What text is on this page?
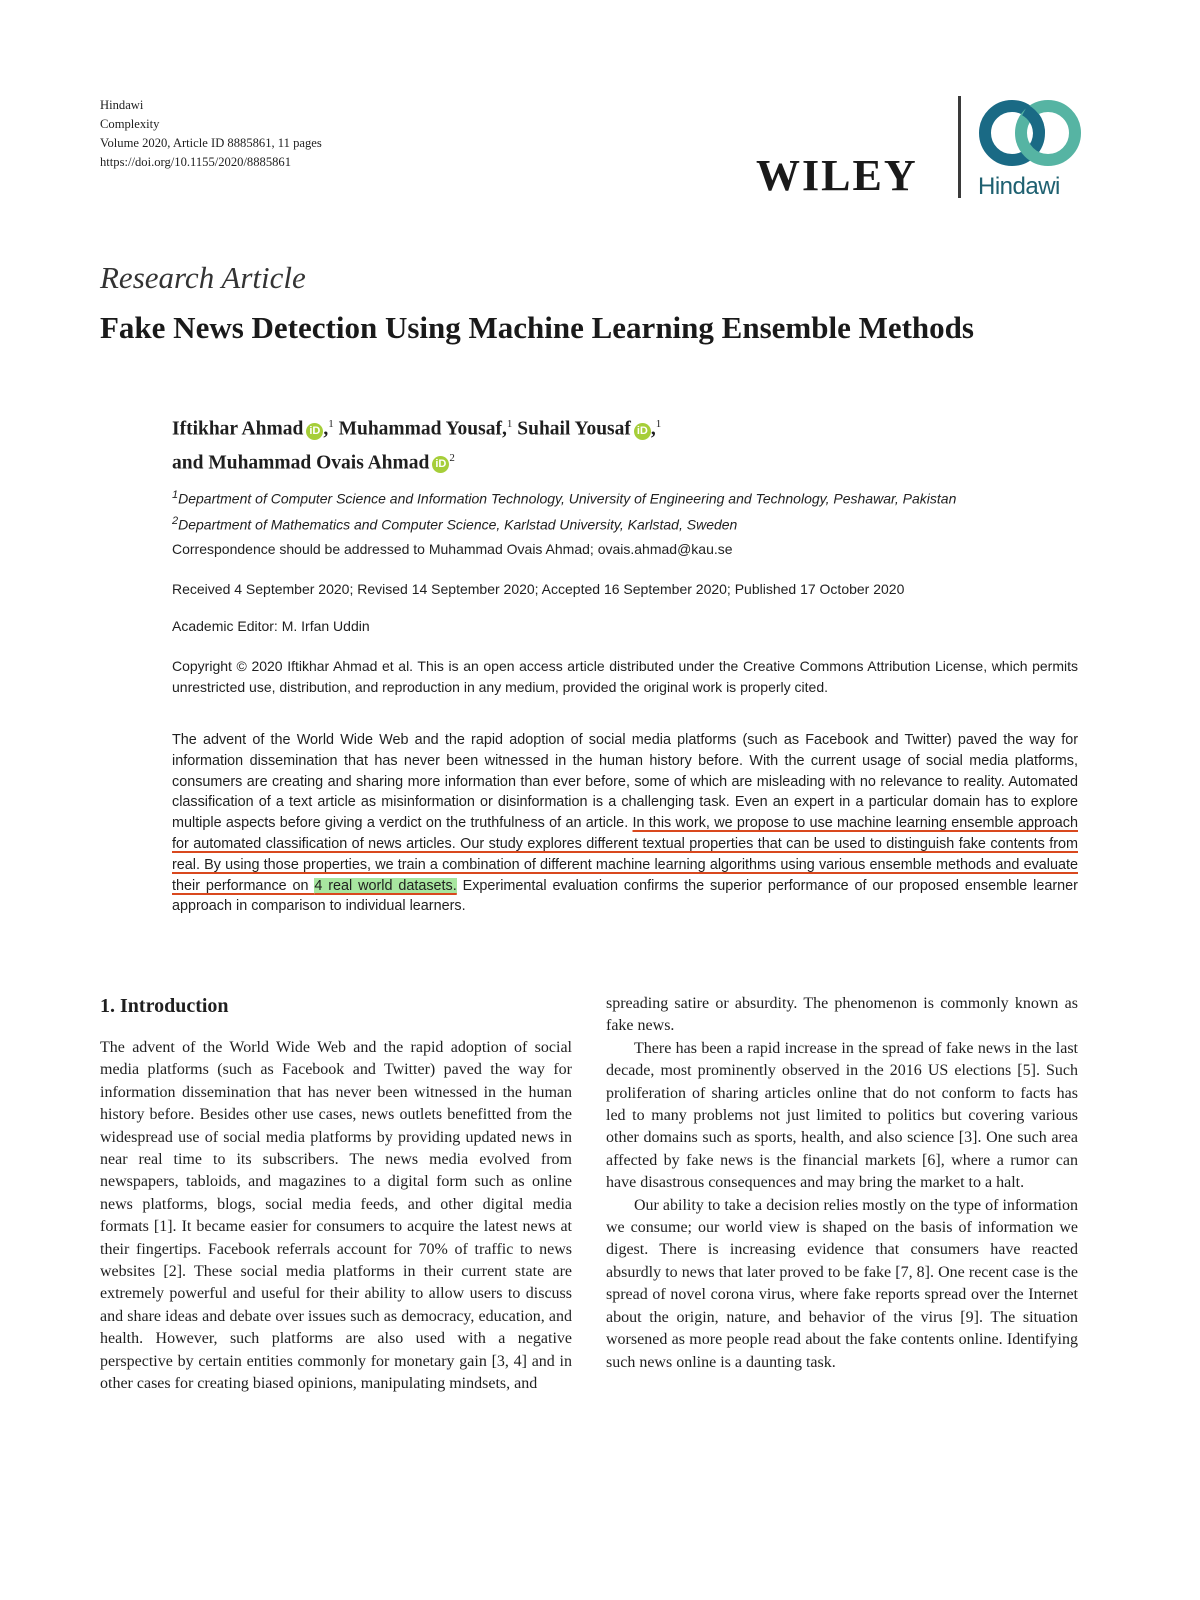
Hindawi
Complexity
Volume 2020, Article ID 8885861, 11 pages
https://doi.org/10.1155/2020/8885861	WILEY	Hindawi
Research Article
Fake News Detection Using Machine Learning Ensemble Methods
Iftikhar Ahmad iD ,$^1$ Muhammad Yousaf,$^1$ Suhail Yousaf iD ,$^1$
and Muhammad Ovais Ahmad $iD^2$
$^1$Department of Computer Science and Information Technology, University of Engineering and Technology, Peshawar, Pakistan
$^2$Department of Mathematics and Computer Science, Karlstad University, Karlstad, Sweden
Correspondence should be addressed to Muhammad Ovais Ahmad; ovais.ahmad@kau.se
Received 4 September 2020; Revised 14 September 2020; Accepted 16 September 2020; Published 17 October 2020
Academic Editor: M. Irfan Uddin
Copyright © 2020 Iftikhar Ahmad et al. This is an open access article distributed under the Creative Commons Attribution License, which permits unrestricted use, distribution, and reproduction in any medium, provided the original work is properly cited.
The advent of the World Wide Web and the rapid adoption of social media platforms (such as Facebook and Twitter) paved the way for information dissemination that has never been witnessed in the human history before. With the current usage of social media platforms, consumers are creating and sharing more information than ever before, some of which are misleading with no relevance to reality. Automated classification of a text article as misinformation or disinformation is a challenging task. Even an expert in a particular domain has to explore multiple aspects before giving a verdict on the truthfulness of an article. In this work, we propose to use machine learning ensemble approach for automated classification of news articles. Our study explores different textual properties that can be used to distinguish fake contents from real. By using those properties, we train a combination of different machine learning algorithms using various ensemble methods and evaluate their performance on 4 real world datasets. Experimental evaluation confirms the superior performance of our proposed ensemble learner approach in comparison to individual learners.
1. Introduction

The advent of the World Wide Web and the rapid adoption of social media platforms (such as Facebook and Twitter) paved the way for information dissemination that has never been witnessed in the human history before. Besides other use cases, news outlets benefitted from the widespread use of social media platforms by providing updated news in near real time to its subscribers. The news media evolved from newspapers, tabloids, and magazines to a digital form such as online news platforms, blogs, social media feeds, and other digital media formats [1]. It became easier for consumers to acquire the latest news at their fingertips. Facebook referrals account for 70% of traffic to news websites [2]. These social media platforms in their current state are extremely powerful and useful for their ability to allow users to discuss and share ideas and debate over issues such as democracy, education, and health. However, such platforms are also used with a negative perspective by certain entities commonly for monetary gain [3, 4] and in other cases for creating biased opinions, manipulating mindsets, and

spreading satire or absurdity. The phenomenon is commonly known as fake news.

There has been a rapid increase in the spread of fake news in the last decade, most prominently observed in the 2016 US elections [5]. Such proliferation of sharing articles online that do not conform to facts has led to many problems not just limited to politics but covering various other domains such as sports, health, and also science [3]. One such area affected by fake news is the financial markets [6], where a rumor can have disastrous consequences and may bring the market to a halt.

Our ability to take a decision relies mostly on the type of information we consume; our world view is shaped on the basis of information we digest. There is increasing evidence that consumers have reacted absurdly to news that later proved to be fake [7, 8]. One recent case is the spread of novel corona virus, where fake reports spread over the Internet about the origin, nature, and behavior of the virus [9]. The situation worsened as more people read about the fake contents online. Identifying such news online is a daunting task.
